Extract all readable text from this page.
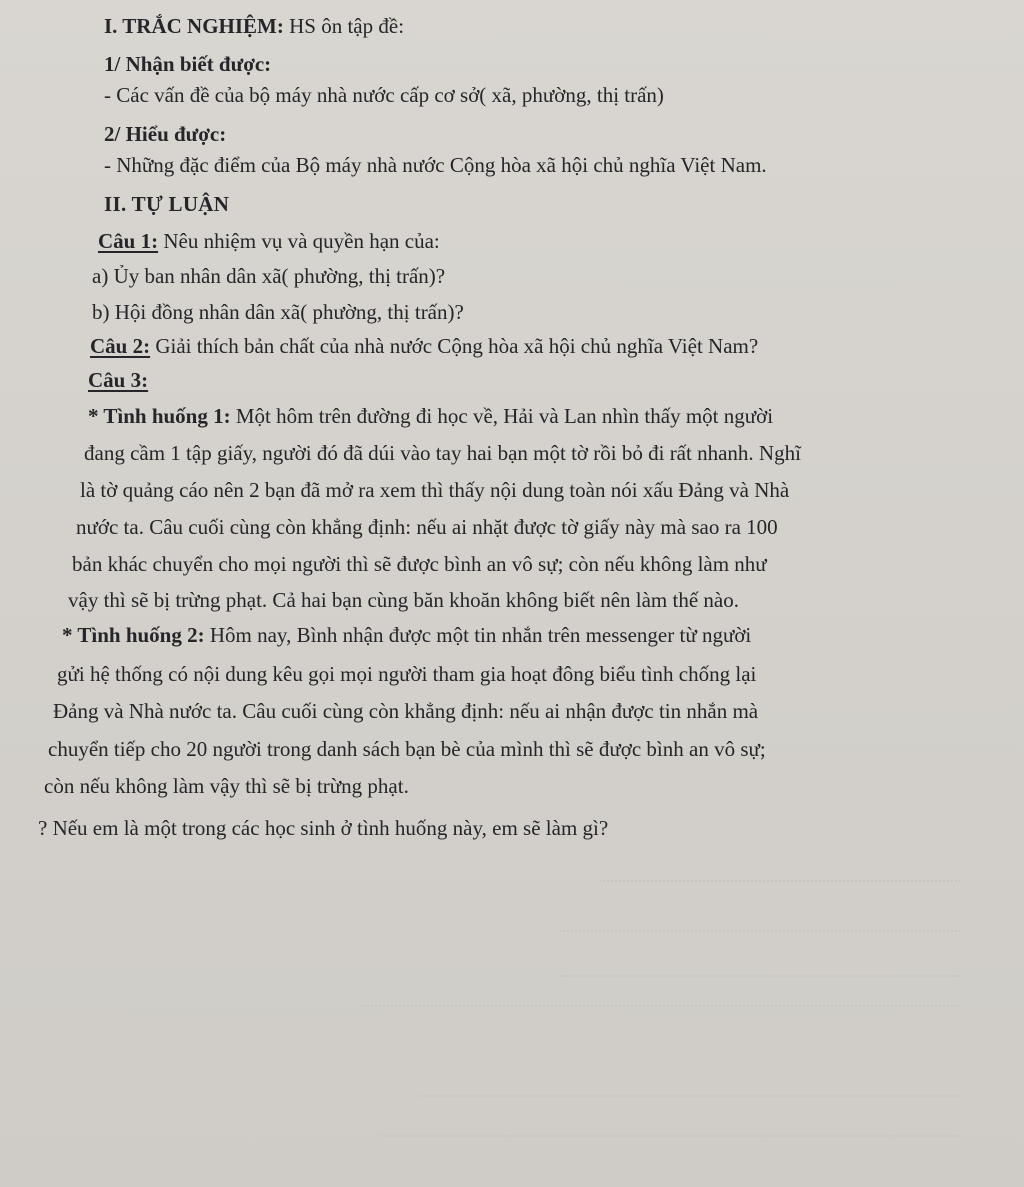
I. TRẮC NGHIỆM: HS ôn tập đề:

1/ Nhận biết được:

- Các vấn đề của bộ máy nhà nước cấp cơ sở( xã, phường, thị trấn)

2/ Hiểu được:

- Những đặc điểm của Bộ máy nhà nước Cộng hòa xã hội chủ nghĩa Việt Nam.

II. TỰ LUẬN

Câu 1: Nêu nhiệm vụ và quyền hạn của:

a) Ủy ban nhân dân xã( phường, thị trấn)?

b) Hội đồng nhân dân xã( phường, thị trấn)?

Câu 2: Giải thích bản chất của nhà nước Cộng hòa xã hội chủ nghĩa Việt Nam?

Câu 3:

* Tình huống 1: Một hôm trên đường đi học về, Hải và Lan nhìn thấy một người

đang cầm 1 tập giấy, người đó đã dúi vào tay hai bạn một tờ rồi bỏ đi rất nhanh. Nghĩ

là tờ quảng cáo nên 2 bạn đã mở ra xem thì thấy nội dung toàn nói xấu Đảng và Nhà

nước ta. Câu cuối cùng còn khẳng định: nếu ai nhặt được tờ giấy này mà sao ra 100

bản khác chuyển cho mọi người thì sẽ được bình an vô sự; còn nếu không làm như

vậy thì sẽ bị trừng phạt. Cả hai bạn cùng băn khoăn không biết nên làm thế nào.

* Tình huống 2: Hôm nay, Bình nhận được một tin nhắn trên messenger từ người

gửi hệ thống có nội dung kêu gọi mọi người tham gia hoạt đông biểu tình chống lại

Đảng và Nhà nước ta. Câu cuối cùng còn khẳng định: nếu ai nhận được tin nhắn mà

chuyển tiếp cho 20 người trong danh sách bạn bè của mình thì sẽ được bình an vô sự;

còn nếu không làm vậy thì sẽ bị trừng phạt.

? Nếu em là một trong các học sinh ở tình huống này, em sẽ làm gì?
